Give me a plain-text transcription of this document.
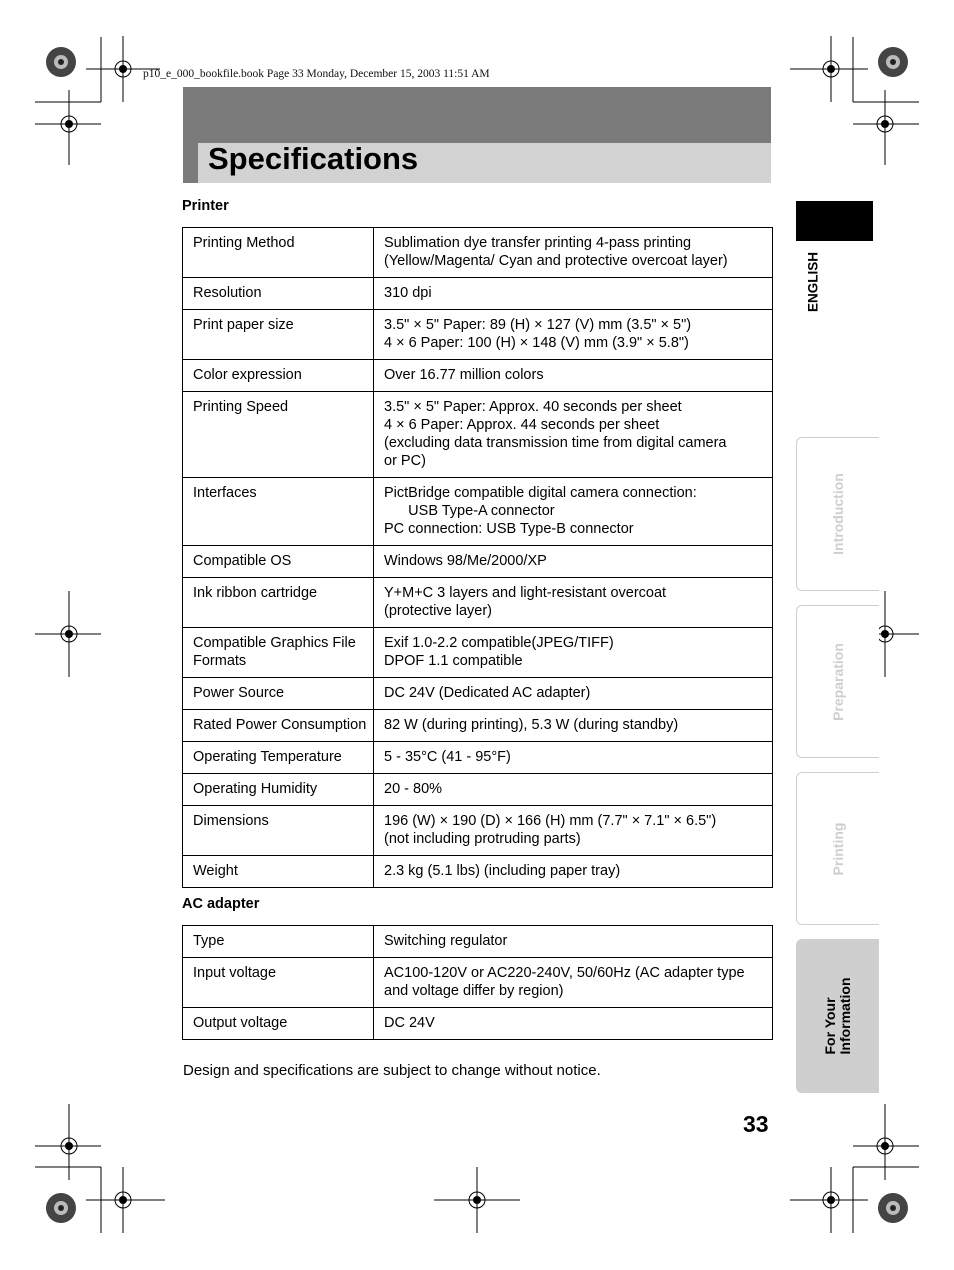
p10_e_000_bookfile.book Page 33 Monday, December 15, 2003 11:51 AM
Specifications
Printer
Printing Method	Sublimation dye transfer printing 4-pass printing
(Yellow/Magenta/ Cyan and protective overcoat layer)
Resolution	310 dpi
Print paper size	3.5" × 5" Paper: 89 (H) × 127 (V) mm (3.5" × 5")
4 × 6 Paper: 100 (H) × 148 (V) mm (3.9" × 5.8")
Color expression	Over 16.77 million colors
Printing Speed	3.5" × 5" Paper: Approx. 40 seconds per sheet
4 × 6 Paper: Approx. 44 seconds per sheet
(excluding data transmission time from digital camera
or PC)
Interfaces	PictBridge compatible digital camera connection:
USB Type-A connector
PC connection: USB Type-B connector
Compatible OS	Windows 98/Me/2000/XP
Ink ribbon cartridge	Y+M+C 3 layers and light-resistant overcoat
(protective layer)
Compatible Graphics File
Formats	Exif 1.0-2.2 compatible(JPEG/TIFF)
DPOF 1.1 compatible
Power Source	DC 24V (Dedicated AC adapter)
Rated Power Consumption	82 W (during printing), 5.3 W (during standby)
Operating Temperature	5 - 35°C (41 - 95°F)
Operating Humidity	20 - 80%
Dimensions	196 (W) × 190 (D) × 166 (H) mm (7.7" × 7.1" × 6.5")
(not including protruding parts)
Weight	2.3 kg (5.1 lbs) (including paper tray)
AC adapter
Type	Switching regulator
Input voltage	AC100-120V or AC220-240V, 50/60Hz (AC adapter type
and voltage differ by region)
Output voltage	DC 24V
Design and specifications are subject to change without notice.
33
ENGLISH
Introduction
Preparation
Printing
For Your
Information
